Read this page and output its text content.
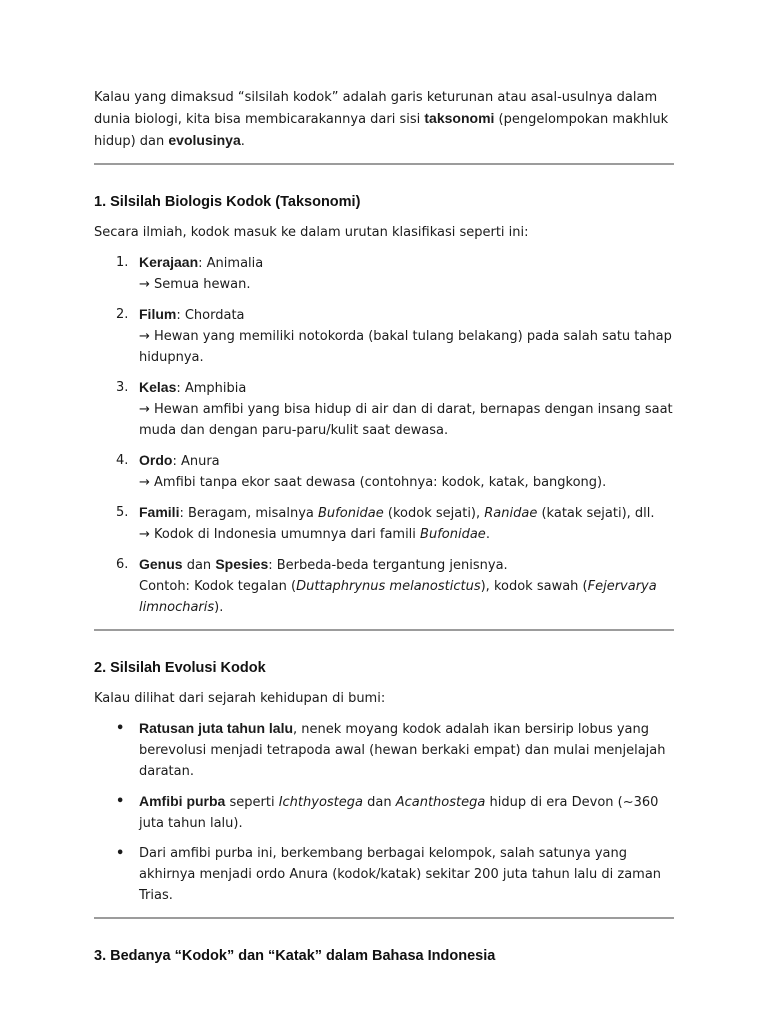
Kalau yang dimaksud “silsilah kodok” adalah garis keturunan atau asal-usulnya dalam dunia biologi, kita bisa membicarakannya dari sisi taksonomi (pengelompokan makhluk hidup) dan evolusinya.

1. Silsilah Biologis Kodok (Taksonomi)

Secara ilmiah, kodok masuk ke dalam urutan klasifikasi seperti ini:

1. Kerajaan: Animalia
→ Semua hewan.
2. Filum: Chordata
→ Hewan yang memiliki notokorda (bakal tulang belakang) pada salah satu tahap hidupnya.
3. Kelas: Amphibia
→ Hewan amfibi yang bisa hidup di air dan di darat, bernapas dengan insang saat muda dan dengan paru-paru/kulit saat dewasa.
4. Ordo: Anura
→ Amfibi tanpa ekor saat dewasa (contohnya: kodok, katak, bangkong).
5. Famili: Beragam, misalnya Bufonidae (kodok sejati), Ranidae (katak sejati), dll.
→ Kodok di Indonesia umumnya dari famili Bufonidae.
6. Genus dan Spesies: Berbeda-beda tergantung jenisnya.
Contoh: Kodok tegalan (Duttaphrynus melanostictus), kodok sawah (Fejervarya limnocharis).
2. Silsilah Evolusi Kodok

Kalau dilihat dari sejarah kehidupan di bumi:

• Ratusan juta tahun lalu, nenek moyang kodok adalah ikan bersirip lobus yang berevolusi menjadi tetrapoda awal (hewan berkaki empat) dan mulai menjelajah daratan.
• Amfibi purba seperti Ichthyostega dan Acanthostega hidup di era Devon (~360 juta tahun lalu).
• Dari amfibi purba ini, berkembang berbagai kelompok, salah satunya yang akhirnya menjadi ordo Anura (kodok/katak) sekitar 200 juta tahun lalu di zaman Trias.
3. Bedanya “Kodok” dan “Katak” dalam Bahasa Indonesia
